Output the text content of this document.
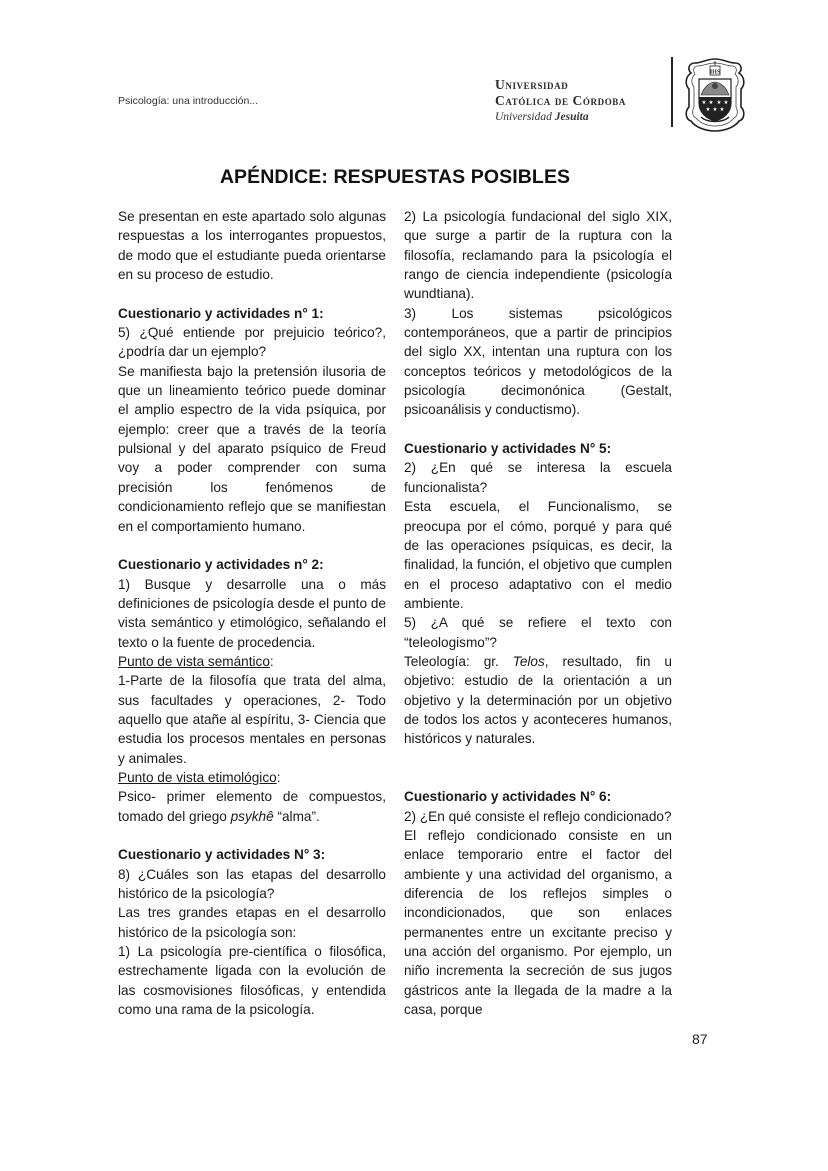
Psicología: una introducción...
Universidad
Católica de Córdoba
Universidad Jesuita
IHS
★ ★ ★ ★
★ ★ ★
APÉNDICE: RESPUESTAS POSIBLES

Se presentan en este apartado solo algunas respuestas a los interrogantes propuestos, de modo que el estudiante pueda orientarse en su proceso de estudio.

Cuestionario y actividades n° 1:

5) ¿Qué entiende por prejuicio teórico?, ¿podría dar un ejemplo?

Se manifiesta bajo la pretensión ilusoria de que un lineamiento teórico puede dominar el amplio espectro de la vida psíquica, por ejemplo: creer que a través de la teoría pulsional y del aparato psíquico de Freud voy a poder comprender con suma precisión los fenómenos de condicionamiento reflejo que se manifiestan en el comportamiento humano.

Cuestionario y actividades n° 2:

1) Busque y desarrolle una o más definiciones de psicología desde el punto de vista semántico y etimológico, señalando el texto o la fuente de procedencia.

Punto de vista semántico:

1-Parte de la filosofía que trata del alma, sus facultades y operaciones, 2- Todo aquello que atañe al espíritu, 3- Ciencia que estudia los procesos mentales en personas y animales.

Punto de vista etimológico:

Psico- primer elemento de compuestos, tomado del griego psykhê “alma”.

Cuestionario y actividades N° 3:

8) ¿Cuáles son las etapas del desarrollo histórico de la psicología?

Las tres grandes etapas en el desarrollo histórico de la psicología son:

1) La psicología pre-científica o filosófica, estrechamente ligada con la evolución de las cosmovisiones filosóficas, y entendida como una rama de la psicología.

2) La psicología fundacional del siglo XIX, que surge a partir de la ruptura con la filosofía, reclamando para la psicología el rango de ciencia independiente (psicología wundtiana).

3) Los sistemas psicológicos contemporáneos, que a partir de principios del siglo XX, intentan una ruptura con los conceptos teóricos y metodológicos de la psicología decimonónica (Gestalt, psicoanálisis y conductismo).

Cuestionario y actividades N° 5:

2) ¿En qué se interesa la escuela funcionalista?

Esta escuela, el Funcionalismo, se preocupa por el cómo, porqué y para qué de las operaciones psíquicas, es decir, la finalidad, la función, el objetivo que cumplen en el proceso adaptativo con el medio ambiente.

5) ¿A qué se refiere el texto con “teleologismo”?

Teleología: gr. Telos, resultado, fin u objetivo: estudio de la orientación a un objetivo y la determinación por un objetivo de todos los actos y aconteceres humanos, históricos y naturales.

Cuestionario y actividades N° 6:

2) ¿En qué consiste el reflejo condicionado?

El reflejo condicionado consiste en un enlace temporario entre el factor del ambiente y una actividad del organismo, a diferencia de los reflejos simples o incondicionados, que son enlaces permanentes entre un excitante preciso y una acción del organismo. Por ejemplo, un niño incrementa la secreción de sus jugos gástricos ante la llegada de la madre a la casa, porque

87
